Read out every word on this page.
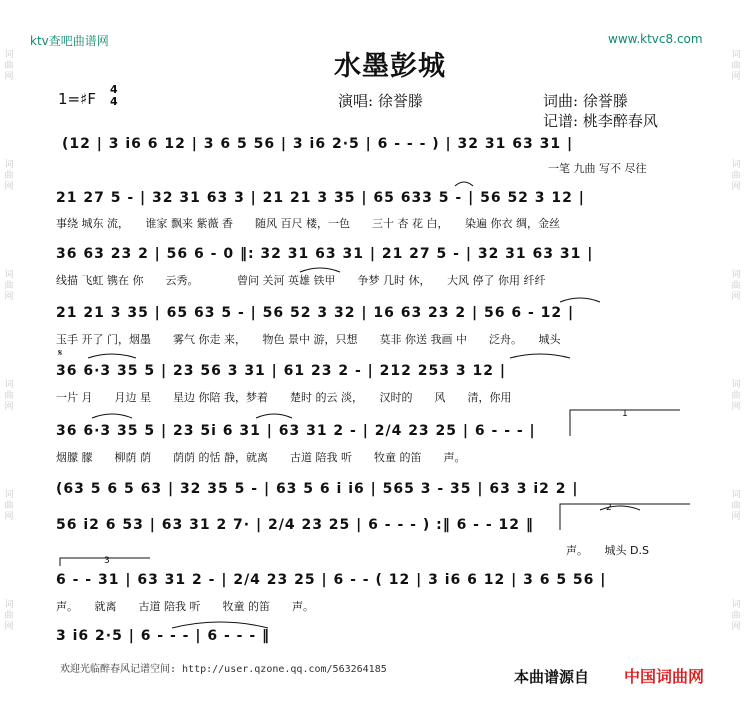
ktv查吧曲谱网	www.ktvc8.com
水墨彭城
1=♯F
4
4	演唱: 徐誉滕	词曲: 徐誉滕
记谱: 桃李醉春风
词曲网
词曲网
词曲网
词曲网
词曲网
词曲网
词曲网
词曲网
词曲网
词曲网
词曲网
词曲网
1
2
3
(12 | 3 i6 6 12 | 3 6 5 56 | 3 i6 2·5 | 6 - - - ) | 32 31 63 31 |
一笔 九曲 写不 尽往
21 27 5 - | 32 31 63 3 | 21 21 3 35 | 65 633 5 - | 56 52 3 12 |
事绕 城东 流，　　谁家 飘来 紫薇 香　　随风 百尺 楼，一色　　三十 杏 花 白，　　染遍 你衣 绸，金丝
36 63 23 2 | 56 6 - 0 ‖: 32 31 63 31 | 21 27 5 - | 32 31 63 31 |
线描 飞虹 镌在 你　　云秀。　　　　曾问 关河 英雄 铁甲　　争梦 几时 休，　　大风 停了 你用 纤纤
21 21 3 35 | 65 63 5 - | 56 52 3 32 | 16 63 23 2 | 56 6 - 12 |
玉手 开了 门，烟墨　　雾气 你走 来，　　物色 景中 游，只想　　莫非 你送 我画 中　　泛舟。　　城头
𝄋
36 6·3 35 5 | 23 56 3 31 | 61 23 2 - | 212 253 3 12 |
一片 月　　月边 星　　星边 你陪 我，梦着　　楚时 的云 淡，　　汉时的　　风　　清，你用
36 6·3 35 5 | 23 5i 6 31 | 63 31 2 - | 2/4 23 25 | 6 - - - |
烟朦 朦　　柳荫 荫　　荫荫 的恬 静，就离　　古道 陪我 听　　牧童 的笛　　声。
(63 5 6 5 63 | 32 35 5 - | 63 5 6 i i6 | 565 3 - 35 | 63 3 i2 2 |
56 i2 6 53 | 63 31 2 7· | 2/4 23 25 | 6 - - - ) :‖ 6 - - 12 ‖
声。　　城头 D.S
6 - - 31 | 63 31 2 - | 2/4 23 25 | 6 - - ( 12 | 3 i6 6 12 | 3 6 5 56 |
声。　　就离　　古道 陪我 听　　牧童 的笛　　声。
3 i6 2·5 | 6 - - - | 6 - - - ‖
欢迎光临醉春风记谱空间: http://user.qzone.qq.com/563264185	本曲谱源自 中国词曲网
